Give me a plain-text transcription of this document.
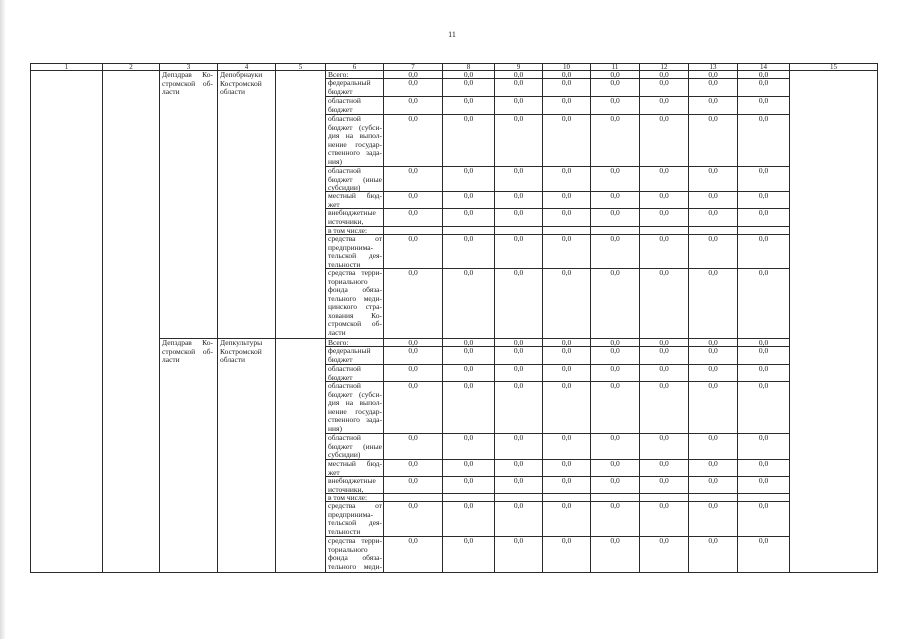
11
1	2	3	4	5	6	7	8	9	10	11	12	13	14	15
Депздрав Ко-
стромской об-
ласти
Депобрнауки
Костромской
области
Всего:	0,0	0,0	0,0	0,0	0,0	0,0	0,0	0,0
федеральный
бюджет
0,0	0,0	0,0	0,0	0,0	0,0	0,0	0,0
областной
бюджет
0,0	0,0	0,0	0,0	0,0	0,0	0,0	0,0
областной
бюджет (субси-
дия на выпол-
нение государ-
ственного зада-
ния)
0,0	0,0	0,0	0,0	0,0	0,0	0,0	0,0
областной
бюджет (иные
субсидии)
0,0	0,0	0,0	0,0	0,0	0,0	0,0	0,0
местный бюд-
жет
0,0	0,0	0,0	0,0	0,0	0,0	0,0	0,0
внебюджетные
источники,
0,0	0,0	0,0	0,0	0,0	0,0	0,0	0,0
в том числе:
средства от
предпринима-
тельской дея-
тельности
0,0	0,0	0,0	0,0	0,0	0,0	0,0	0,0
средства терри-
ториального
фонда обяза-
тельного меди-
цинского стра-
хования Ко-
стромской об-
ласти
0,0	0,0	0,0	0,0	0,0	0,0	0,0	0,0
Депздрав Ко-
стромской об-
ласти
Депкультуры
Костромской
области
Всего:	0,0	0,0	0,0	0,0	0,0	0,0	0,0	0,0
федеральный
бюджет
0,0	0,0	0,0	0,0	0,0	0,0	0,0	0,0
областной
бюджет
0,0	0,0	0,0	0,0	0,0	0,0	0,0	0,0
областной
бюджет (субси-
дия на выпол-
нение государ-
ственного зада-
ния)
0,0	0,0	0,0	0,0	0,0	0,0	0,0	0,0
областной
бюджет (иные
субсидии)
0,0	0,0	0,0	0,0	0,0	0,0	0,0	0,0
местный бюд-
жет
0,0	0,0	0,0	0,0	0,0	0,0	0,0	0,0
внебюджетные
источники,
0,0	0,0	0,0	0,0	0,0	0,0	0,0	0,0
в том числе:
средства от
предпринима-
тельской дея-
тельности
0,0	0,0	0,0	0,0	0,0	0,0	0,0	0,0
средства терри-
ториального
фонда обяза-
тельного меди-
0,0	0,0	0,0	0,0	0,0	0,0	0,0	0,0
